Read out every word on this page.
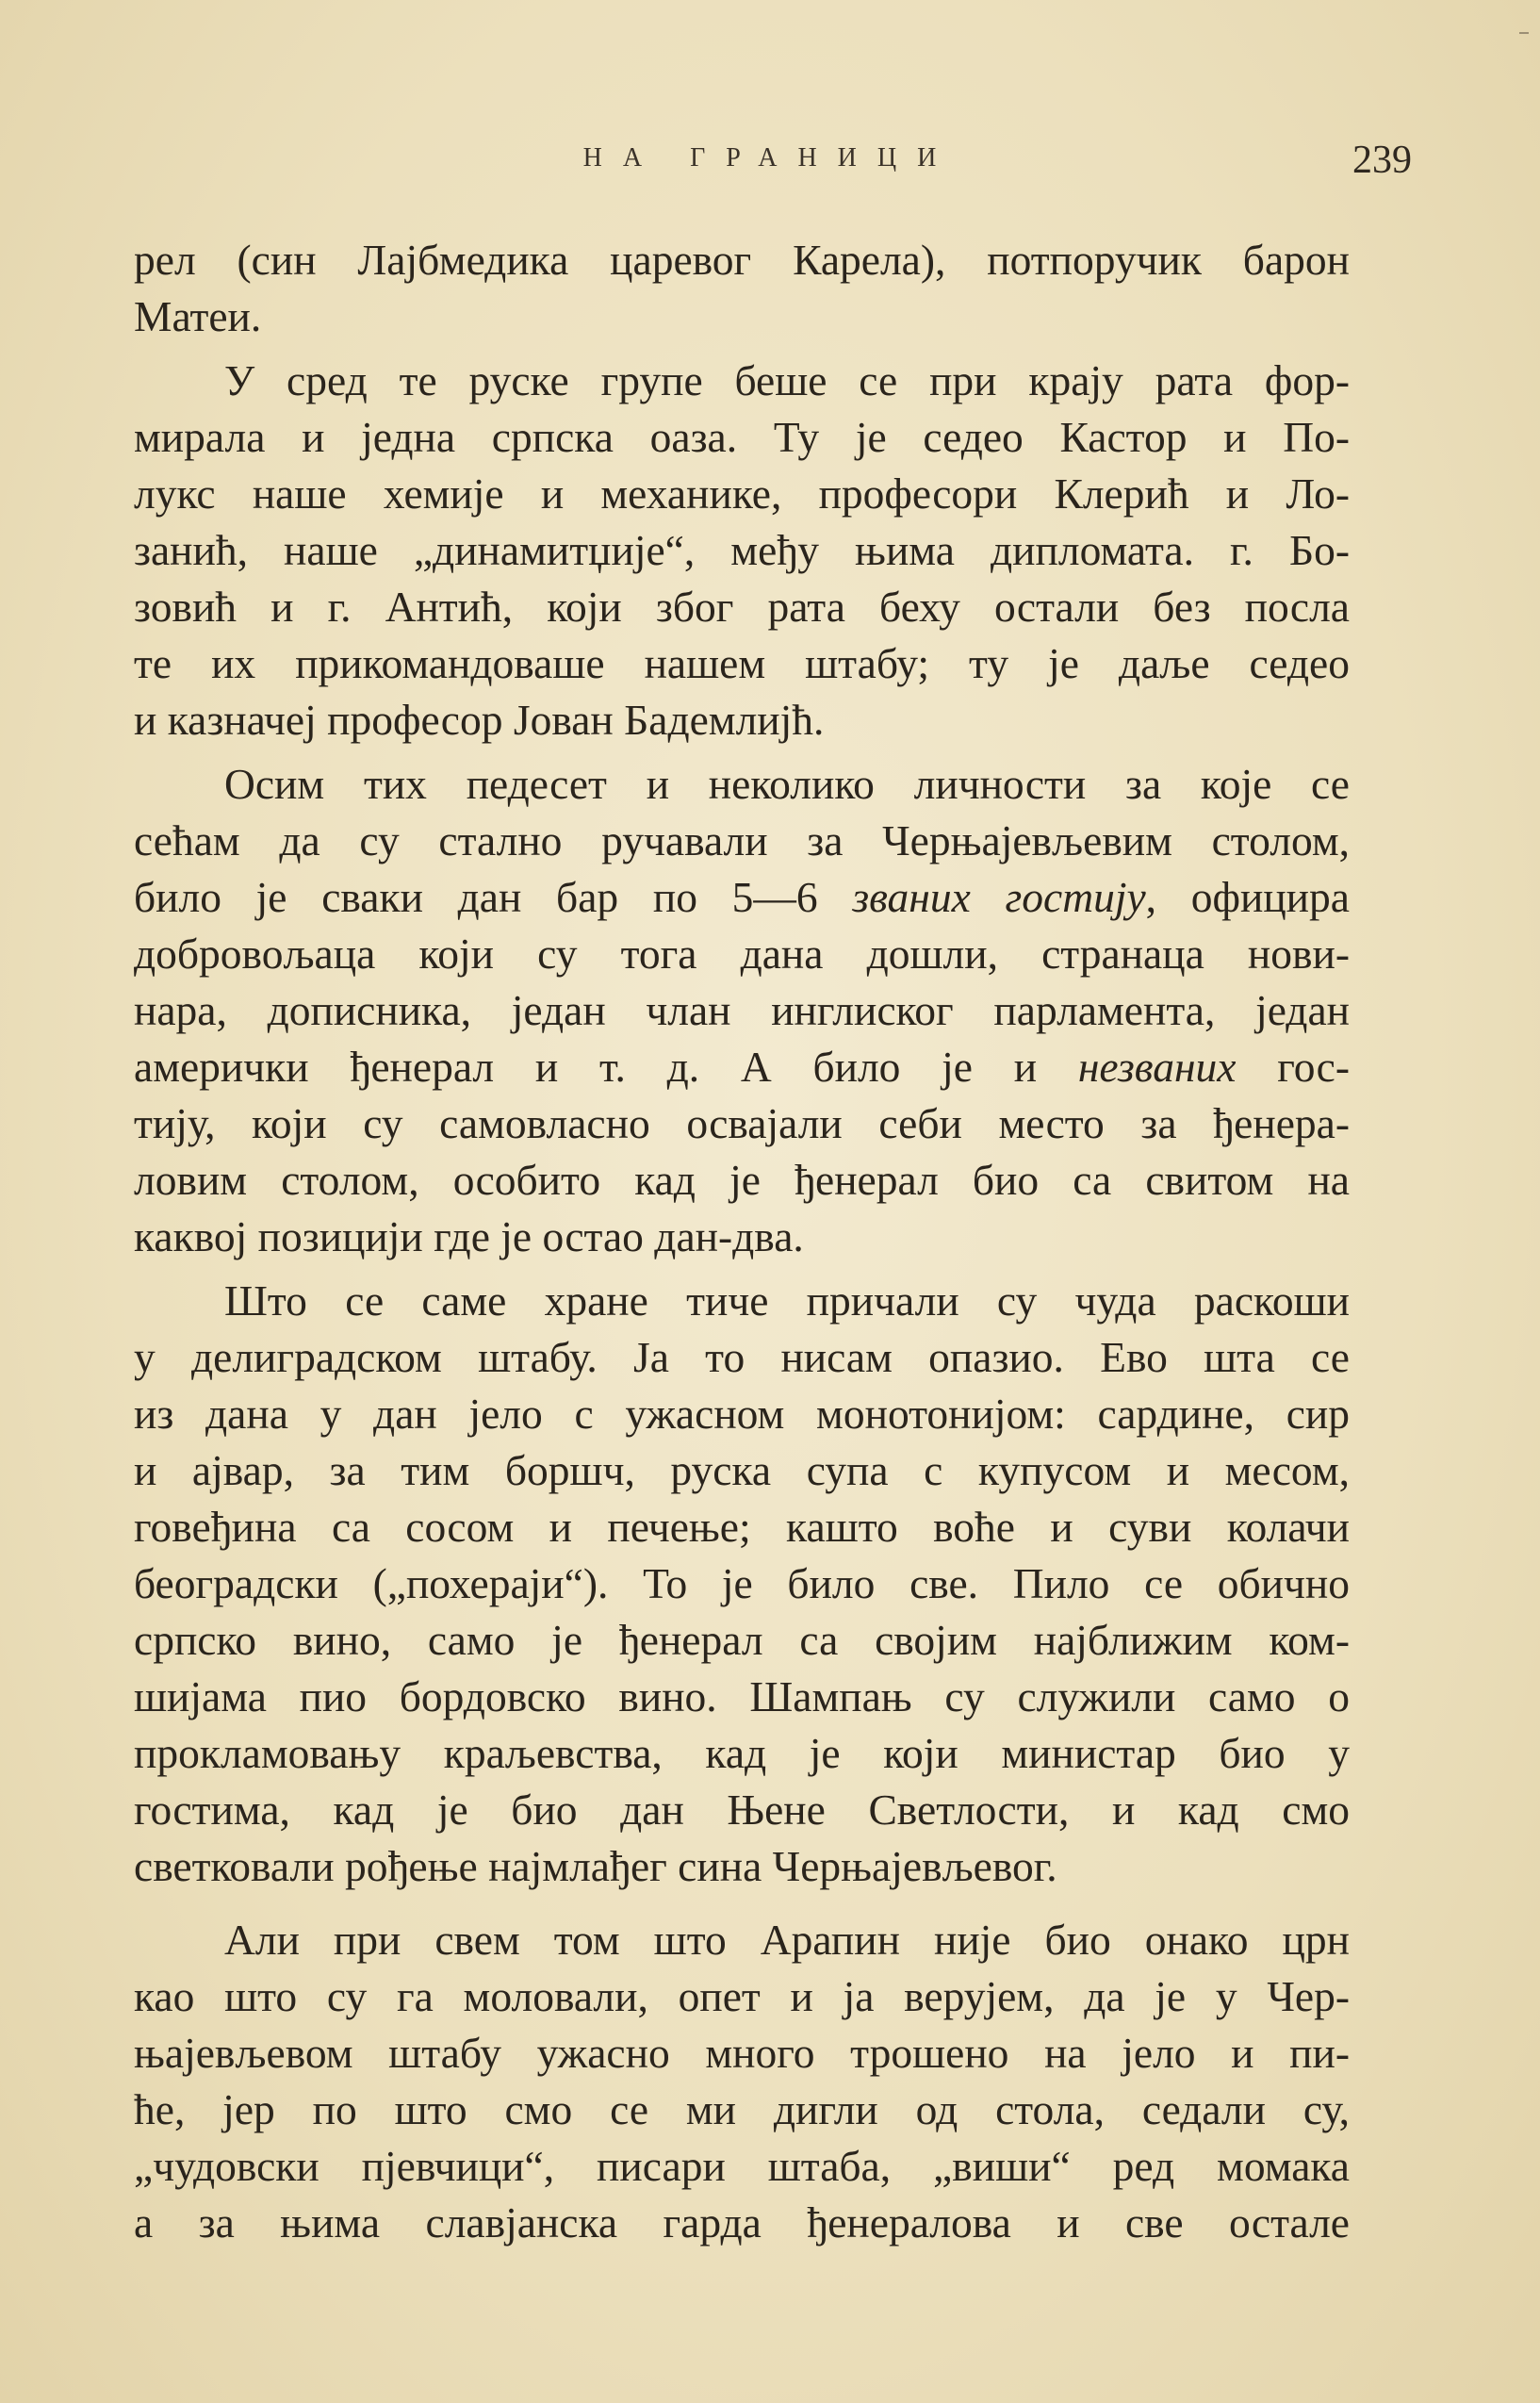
НА ГРАНИЦИ	239
рел (син Лајбмедика царевог Карела), потпоручик барон
Матеи.
У сред те руске групе беше се при крају рата фор-
мирала и једна српска оаза. Ту је седео Кастор и По-
лукс наше хемије и механике, професори Клерић и Ло-
занић, наше „динамитџије“, међу њима дипломата. г. Бо-
зовић и г. Антић, који због рата беху остали без посла
те их прикомандоваше нашем штабу; ту је даље седео
и казначеј професор Јован Бадемлијћ.
Осим тих педесет и неколико личности за које се
сећам да су стално ручавали за Черњајевљевим столом,
било је сваки дан бар по 5—6 званих гостију, официра
добровољаца који су тога дана дошли, странаца нови-
нара, дописника, један члан инглиског парламента, један
амерички ђенерал и т. д. А било је и незваних гос-
тију, који су самовласно освајали себи место за ђенера-
ловим столом, особито кад је ђенерал био са свитом на
каквој позицији где је остао дан-два.
Што се саме хране тиче причали су чуда раскоши
у делиградском штабу. Ја то нисам опазио. Ево шта се
из дана у дан јело с ужасном монотонијом: сардине, сир
и ајвар, за тим боршч, руска супа с купусом и месом,
говеђина са сосом и печење; кашто воће и суви колачи
београдски („похераји“). То је било све. Пило се обично
српско вино, само је ђенерал са својим најближим ком-
шијама пио бордовско вино. Шампањ су служили само о
прокламовању краљевства, кад је који министар био у
гостима, кад је био дан Њене Светлости, и кад смо
светковали рођење најмлађег сина Черњајевљевог.
Али при свем том што Арапин није био онако црн
као што су га моловали, опет и ја верујем, да је у Чер-
њајевљевом штабу ужасно много трошено на јело и пи-
ће, јер по што смо се ми дигли од стола, седали су,
„чудовски пјевчици“, писари штаба, „виши“ ред момака
а за њима славјанска гарда ђенералова и све остале
